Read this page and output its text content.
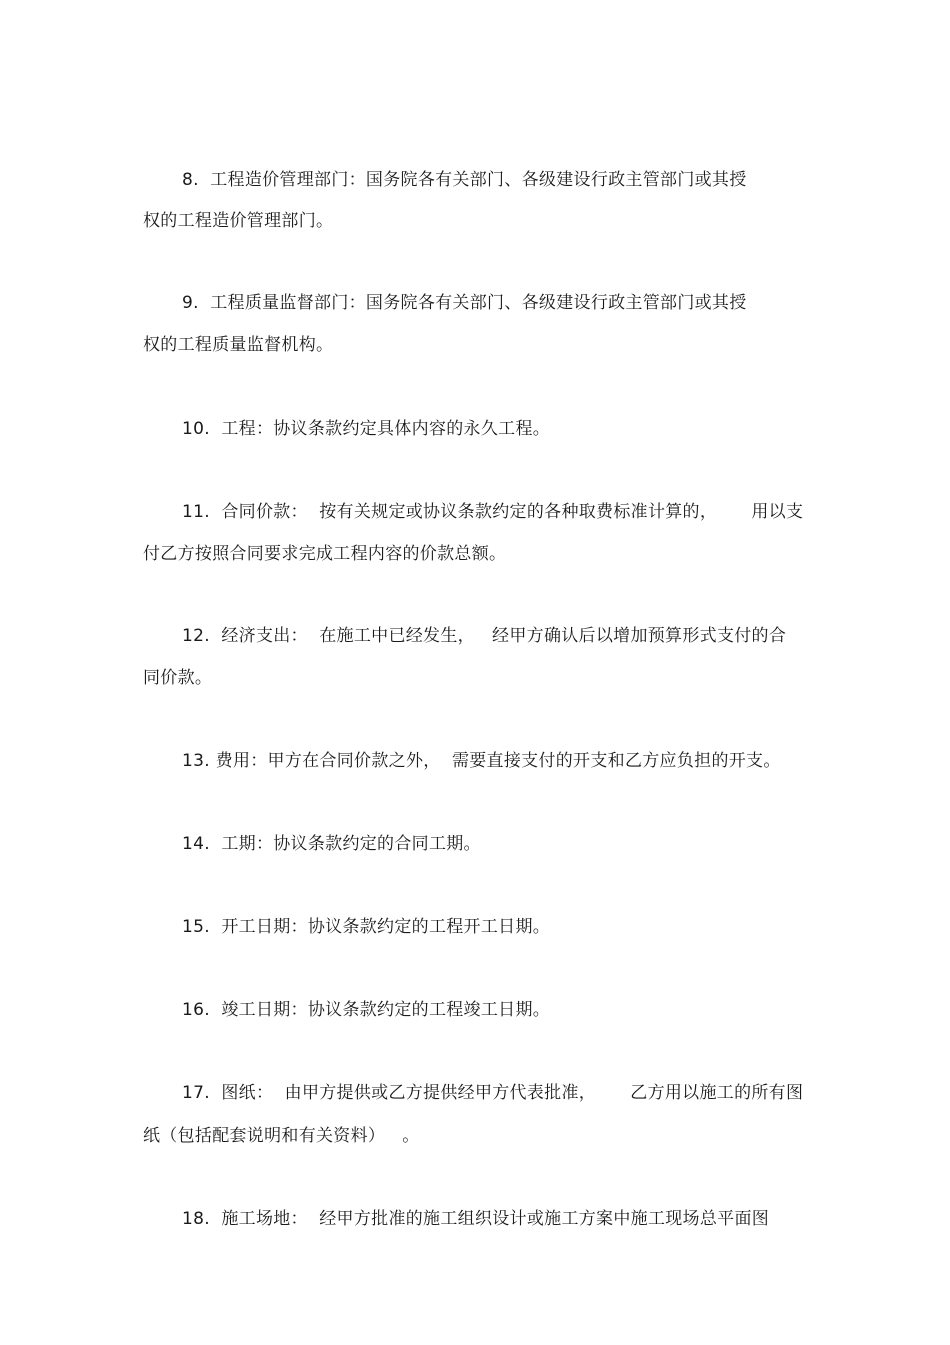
8.  工程造价管理部门：国务院各有关部门、各级建设行政主管部门或其授
权的工程造价管理部门。
9.  工程质量监督部门：国务院各有关部门、各级建设行政主管部门或其授
权的工程质量监督机构。
10.  工程：协议条款约定具体内容的永久工程。
11.  合同价款：  按有关规定或协议条款约定的各种取费标准计算的，      用以支
付乙方按照合同要求完成工程内容的价款总额。
12.  经济支出：  在施工中已经发生，   经甲方确认后以增加预算形式支付的合
同价款。
13. 费用：甲方在合同价款之外，  需要直接支付的开支和乙方应负担的开支。
14.  工期：协议条款约定的合同工期。
15.  开工日期：协议条款约定的工程开工日期。
16.  竣工日期：协议条款约定的工程竣工日期。
17.  图纸：  由甲方提供或乙方提供经甲方代表批准，      乙方用以施工的所有图
纸（包括配套说明和有关资料）   。
18.  施工场地：  经甲方批准的施工组织设计或施工方案中施工现场总平面图
